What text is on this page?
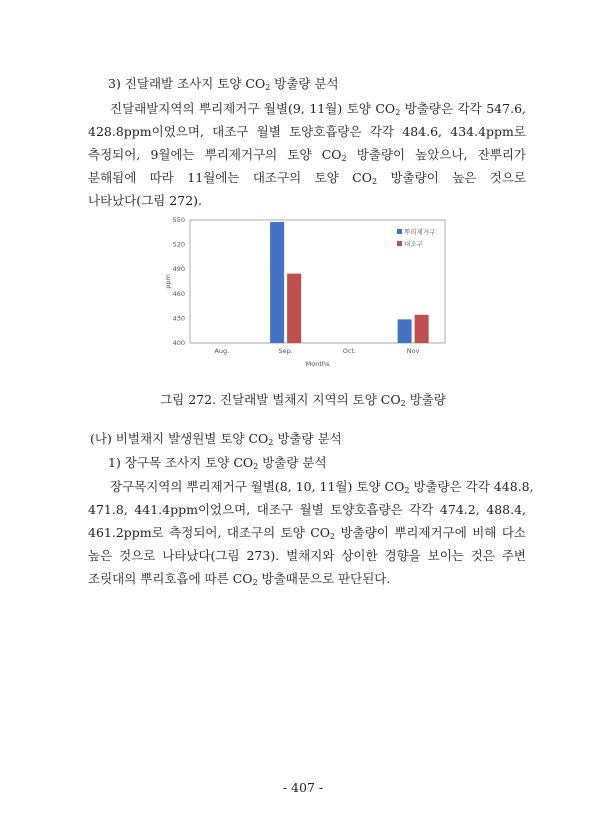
3) 진달래발 조사지 토양 $CO_2$ 방출량 분석
진달래발지역의 뿌리제거구 월별(9, 11월) 토양 $CO_2$ 방출량은 각각 547.6,
428.8ppm이었으며, 대조구 월별 토양호흡량은 각각 484.6, 434.4ppm로
측정되어, 9월에는 뿌리제거구의 토양 $CO_2$ 방출량이 높았으나, 잔뿌리가
분해됨에 따라 11월에는 대조구의 토양 $CO_2$ 방출량이 높은 것으로
나타났다(그림 272).
400
430
460
490
520
550
ppm
Aug.	Sep.	Oct.	Nov
Months
뿌리제거구
대조구
그림 272. 진달래발 벌채지 지역의 토양 $CO_2$ 방출량
(나) 비벌채지 발생원별 토양 $CO_2$ 방출량 분석
1) 장구목 조사지 토양 $CO_2$ 방출량 분석
장구목지역의 뿌리제거구 월별(8, 10, 11월) 토양 $CO_2$ 방출량은 각각 448.8,
471.8, 441.4ppm이었으며, 대조구 월별 토양호흡량은 각각 474.2, 488.4,
461.2ppm로 측정되어, 대조구의 토양 $CO_2$ 방출량이 뿌리제거구에 비해 다소
높은 것으로 나타났다(그림 273). 벌채지와 상이한 경향을 보이는 것은 주변
조릿대의 뿌리호흡에 따른 $CO_2$ 방출때문으로 판단된다.
- 407 -
